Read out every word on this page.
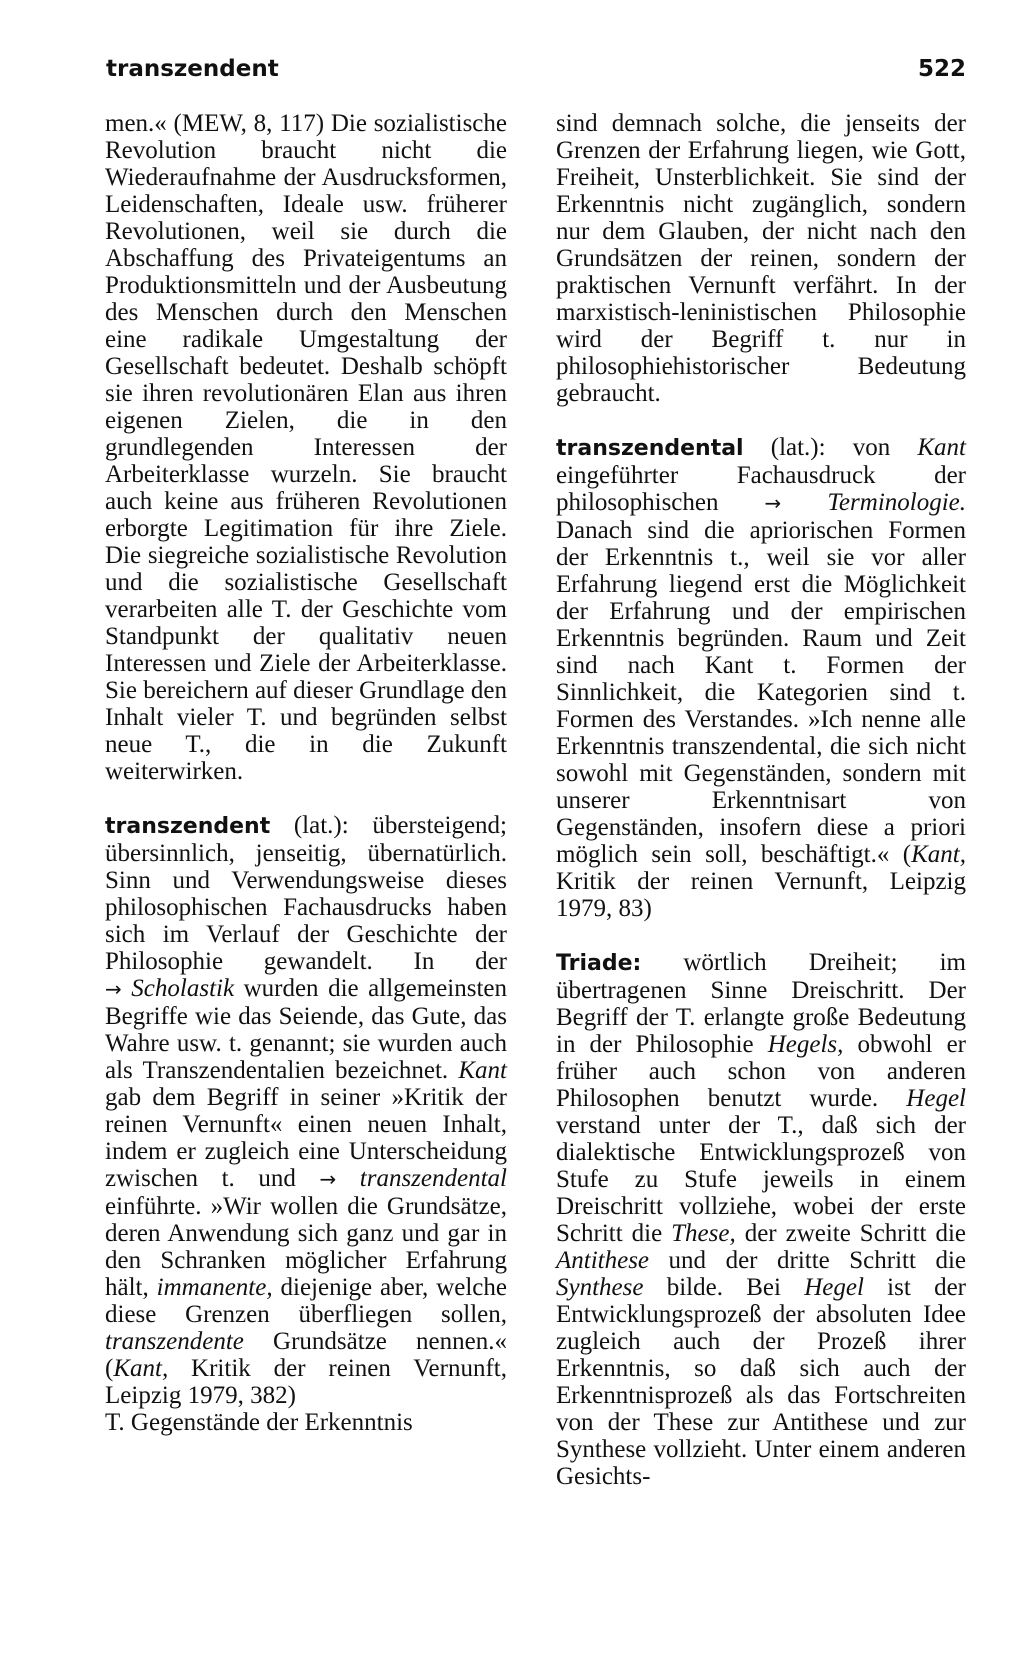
transzendent	522

men.« (MEW, 8, 117) Die sozialistische Revolution braucht nicht die Wiederaufnahme der Ausdrucksformen, Leidenschaften, Ideale usw. früherer Revolutionen, weil sie durch die Abschaffung des Privateigentums an Produktionsmitteln und der Ausbeutung des Menschen durch den Menschen eine radikale Umgestaltung der Gesellschaft bedeutet. Deshalb schöpft sie ihren revolutionären Elan aus ihren eigenen Zielen, die in den grundlegenden Interessen der Arbeiterklasse wurzeln. Sie braucht auch keine aus früheren Revolutionen erborgte Legitimation für ihre Ziele. Die siegreiche sozialistische Revolution und die sozialistische Gesellschaft verarbeiten alle T. der Geschichte vom Standpunkt der qualitativ neuen Interessen und Ziele der Arbeiterklasse. Sie bereichern auf dieser Grundlage den Inhalt vieler T. und begründen selbst neue T., die in die Zukunft weiterwirken.

transzendent (lat.): übersteigend; übersinnlich, jenseitig, übernatürlich. Sinn und Verwendungsweise dieses philosophischen Fachausdrucks haben sich im Verlauf der Geschichte der Philosophie gewandelt. In der → Scholastik wurden die allgemeinsten Begriffe wie das Seiende, das Gute, das Wahre usw. t. genannt; sie wurden auch als Transzendentalien bezeichnet. Kant gab dem Begriff in seiner »Kritik der reinen Vernunft« einen neuen Inhalt, indem er zugleich eine Unterscheidung zwischen t. und → transzendental einführte. »Wir wollen die Grundsätze, deren Anwendung sich ganz und gar in den Schranken möglicher Erfahrung hält, immanente, diejenige aber, welche diese Grenzen überfliegen sollen, transzendente Grundsätze nennen.« (Kant, Kritik der reinen Vernunft, Leipzig 1979, 382)

T. Gegenstände der Erkenntnis

sind demnach solche, die jenseits der Grenzen der Erfahrung liegen, wie Gott, Freiheit, Unsterblichkeit. Sie sind der Erkenntnis nicht zugänglich, sondern nur dem Glauben, der nicht nach den Grundsätzen der reinen, sondern der praktischen Vernunft verfährt. In der marxistisch-leninistischen Philosophie wird der Begriff t. nur in philosophiehistorischer Bedeutung gebraucht.

transzendental (lat.): von Kant eingeführter Fachausdruck der philosophischen → Terminologie. Danach sind die apriorischen Formen der Erkenntnis t., weil sie vor aller Erfahrung liegend erst die Möglichkeit der Erfahrung und der empirischen Erkenntnis begründen. Raum und Zeit sind nach Kant t. Formen der Sinnlichkeit, die Kategorien sind t. Formen des Verstandes. »Ich nenne alle Erkenntnis transzendental, die sich nicht sowohl mit Gegenständen, sondern mit unserer Erkenntnisart von Gegenständen, insofern diese a priori möglich sein soll, beschäftigt.« (Kant, Kritik der reinen Vernunft, Leipzig 1979, 83)

Triade: wörtlich Dreiheit; im übertragenen Sinne Dreischritt. Der Begriff der T. erlangte große Bedeutung in der Philosophie Hegels, obwohl er früher auch schon von anderen Philosophen benutzt wurde. Hegel verstand unter der T., daß sich der dialektische Entwicklungsprozeß von Stufe zu Stufe jeweils in einem Dreischritt vollziehe, wobei der erste Schritt die These, der zweite Schritt die Antithese und der dritte Schritt die Synthese bilde. Bei Hegel ist der Entwicklungsprozeß der absoluten Idee zugleich auch der Prozeß ihrer Erkenntnis, so daß sich auch der Erkenntnisprozeß als das Fortschreiten von der These zur Antithese und zur Synthese vollzieht. Unter einem anderen Gesichts-
